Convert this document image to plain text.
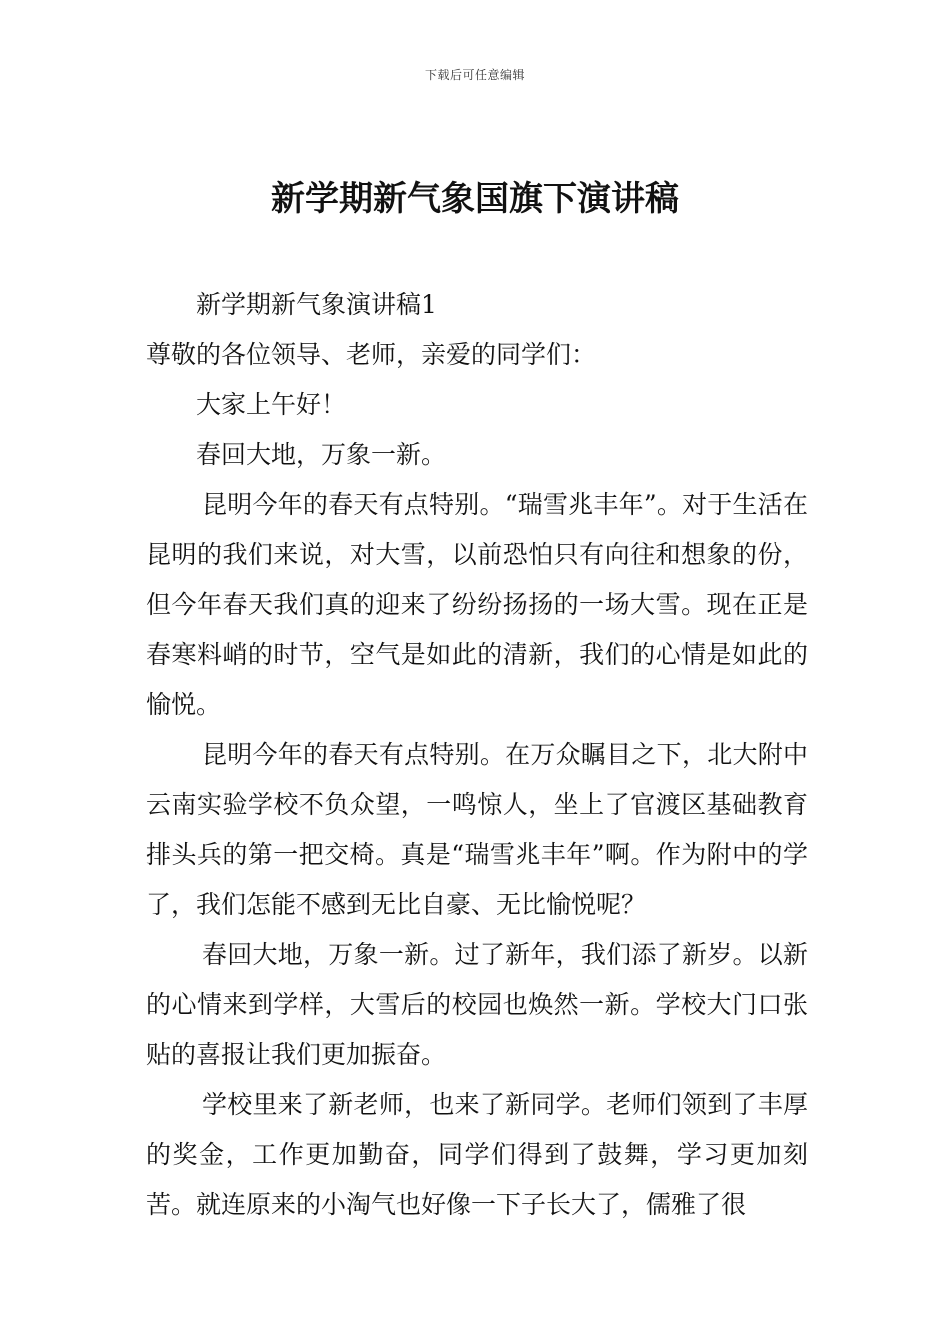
下载后可任意编辑
新学期新气象国旗下演讲稿

新学期新气象演讲稿1

尊敬的各位领导、老师，亲爱的同学们：

大家上午好！

春回大地，万象一新。

昆明今年的春天有点特别。“瑞雪兆丰年”。对于生活在昆明的我们来说，对大雪，以前恐怕只有向往和想象的份，但今年春天我们真的迎来了纷纷扬扬的一场大雪。现在正是春寒料峭的时节，空气是如此的清新，我们的心情是如此的愉悦。

昆明今年的春天有点特别。在万众瞩目之下，北大附中云南实验学校不负众望，一鸣惊人，坐上了官渡区基础教育排头兵的第一把交椅。真是“瑞雪兆丰年”啊。作为附中的学了，我们怎能不感到无比自豪、无比愉悦呢？

春回大地，万象一新。过了新年，我们添了新岁。以新的心情来到学样，大雪后的校园也焕然一新。学校大门口张贴的喜报让我们更加振奋。

学校里来了新老师，也来了新同学。老师们领到了丰厚的奖金，工作更加勤奋，同学们得到了鼓舞，学习更加刻苦。就连原来的小淘气也好像一下子长大了，儒雅了很
